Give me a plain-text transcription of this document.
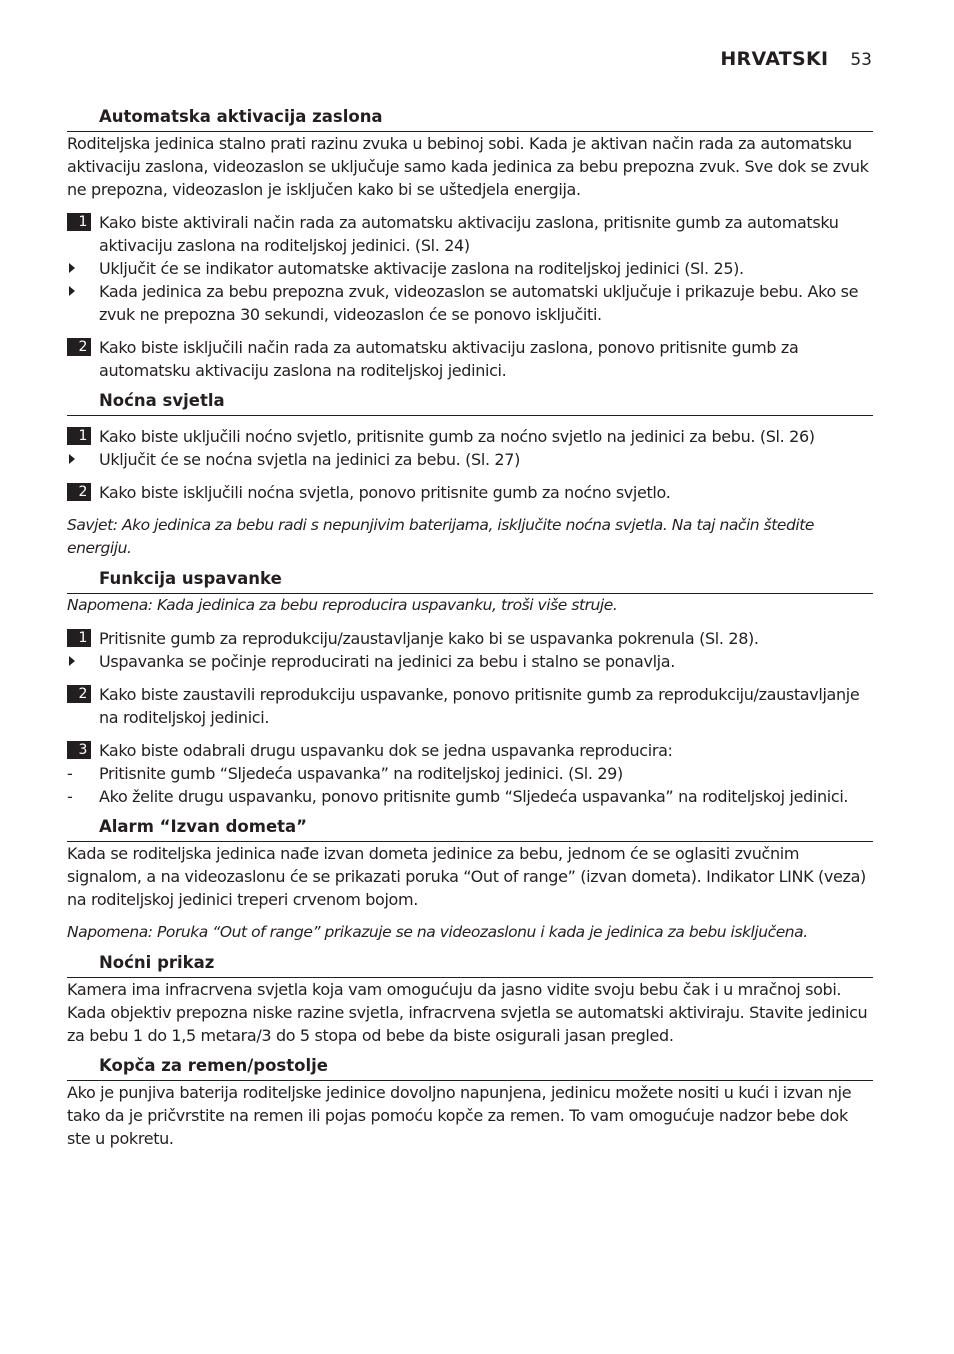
HRVATSKI 53
Automatska aktivacija zaslona

Roditeljska jedinica stalno prati razinu zvuka u bebinoj sobi. Kada je aktivan način rada za automatsku aktivaciju zaslona, videozaslon se uključuje samo kada jedinica za bebu prepozna zvuk. Sve dok se zvuk ne prepozna, videozaslon je isključen kako bi se uštedjela energija.

1 Kako biste aktivirali način rada za automatsku aktivaciju zaslona, pritisnite gumb za automatsku aktivaciju zaslona na roditeljskoj jedinici. (Sl. 24)
Uključit će se indikator automatske aktivacije zaslona na roditeljskoj jedinici (Sl. 25).
Kada jedinica za bebu prepozna zvuk, videozaslon se automatski uključuje i prikazuje bebu. Ako se zvuk ne prepozna 30 sekundi, videozaslon će se ponovo isključiti.
2 Kako biste isključili način rada za automatsku aktivaciju zaslona, ponovo pritisnite gumb za automatsku aktivaciju zaslona na roditeljskoj jedinici.
Noćna svjetla
1 Kako biste uključili noćno svjetlo, pritisnite gumb za noćno svjetlo na jedinici za bebu. (Sl. 26)
Uključit će se noćna svjetla na jedinici za bebu. (Sl. 27)
2 Kako biste isključili noćna svjetla, ponovo pritisnite gumb za noćno svjetlo.

Savjet: Ako jedinica za bebu radi s nepunjivim baterijama, isključite noćna svjetla. Na taj način štedite energiju.

Funkcija uspavanke

Napomena: Kada jedinica za bebu reproducira uspavanku, troši više struje.

1 Pritisnite gumb za reprodukciju/zaustavljanje kako bi se uspavanka pokrenula (Sl. 28).
Uspavanka se počinje reproducirati na jedinici za bebu i stalno se ponavlja.
2 Kako biste zaustavili reprodukciju uspavanke, ponovo pritisnite gumb za reprodukciju/zaustavljanje na roditeljskoj jedinici.
3 Kako biste odabrali drugu uspavanku dok se jedna uspavanka reproducira:
-	Pritisnite gumb “Sljedeća uspavanka” na roditeljskoj jedinici. (Sl. 29)
-	Ako želite drugu uspavanku, ponovo pritisnite gumb “Sljedeća uspavanka” na roditeljskoj jedinici.
Alarm “Izvan dometa”

Kada se roditeljska jedinica nađe izvan dometa jedinice za bebu, jednom će se oglasiti zvučnim signalom, a na videozaslonu će se prikazati poruka “Out of range” (izvan dometa). Indikator LINK (veza) na roditeljskoj jedinici treperi crvenom bojom.

Napomena: Poruka “Out of range” prikazuje se na videozaslonu i kada je jedinica za bebu isključena.

Noćni prikaz

Kamera ima infracrvena svjetla koja vam omogućuju da jasno vidite svoju bebu čak i u mračnoj sobi. Kada objektiv prepozna niske razine svjetla, infracrvena svjetla se automatski aktiviraju. Stavite jedinicu za bebu 1 do 1,5 metara/3 do 5 stopa od bebe da biste osigurali jasan pregled.

Kopča za remen/postolje

Ako je punjiva baterija roditeljske jedinice dovoljno napunjena, jedinicu možete nositi u kući i izvan nje tako da je pričvrstite na remen ili pojas pomoću kopče za remen. To vam omogućuje nadzor bebe dok ste u pokretu.
